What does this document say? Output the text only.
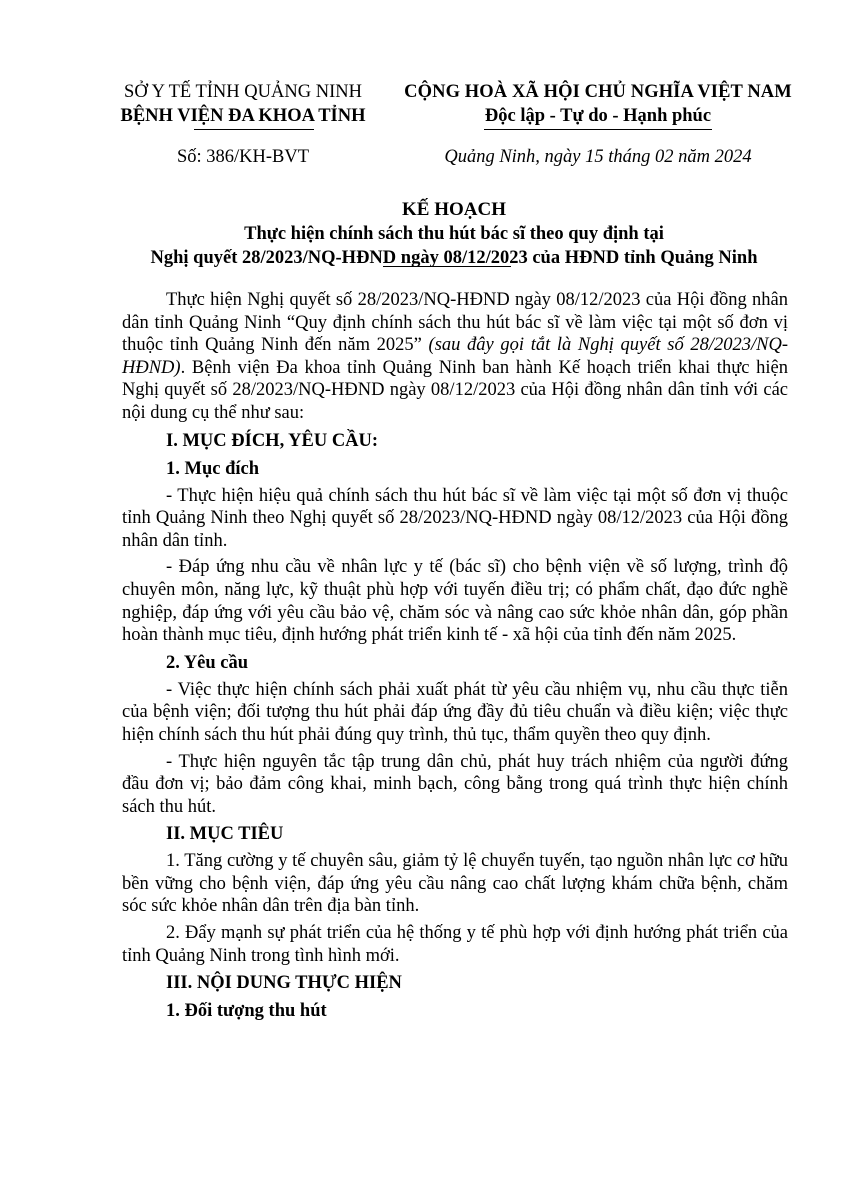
SỞ Y TẾ TỈNH QUẢNG NINH
BỆNH VIỆN ĐA KHOA TỈNH
CỘNG HOÀ XÃ HỘI CHỦ NGHĨA VIỆT NAM
Độc lập - Tự do - Hạnh phúc
Số: 386/KH-BVT	Quảng Ninh, ngày 15 tháng 02 năm 2024
KẾ HOẠCH
Thực hiện chính sách thu hút bác sĩ theo quy định tại
Nghị quyết 28/2023/NQ-HĐND ngày 08/12/2023 của HĐND tỉnh Quảng Ninh

Thực hiện Nghị quyết số 28/2023/NQ-HĐND ngày 08/12/2023 của Hội đồng nhân dân tỉnh Quảng Ninh “Quy định chính sách thu hút bác sĩ về làm việc tại một số đơn vị thuộc tỉnh Quảng Ninh đến năm 2025” (sau đây gọi tắt là Nghị quyết số 28/2023/NQ-HĐND). Bệnh viện Đa khoa tỉnh Quảng Ninh ban hành Kế hoạch triển khai thực hiện Nghị quyết số 28/2023/NQ-HĐND ngày 08/12/2023 của Hội đồng nhân dân tỉnh với các nội dung cụ thể như sau:

I. MỤC ĐÍCH, YÊU CẦU:
1. Mục đích

- Thực hiện hiệu quả chính sách thu hút bác sĩ về làm việc tại một số đơn vị thuộc tỉnh Quảng Ninh theo Nghị quyết số 28/2023/NQ-HĐND ngày 08/12/2023 của Hội đồng nhân dân tỉnh.

- Đáp ứng nhu cầu về nhân lực y tế (bác sĩ) cho bệnh viện về số lượng, trình độ chuyên môn, năng lực, kỹ thuật phù hợp với tuyến điều trị; có phẩm chất, đạo đức nghề nghiệp, đáp ứng với yêu cầu bảo vệ, chăm sóc và nâng cao sức khỏe nhân dân, góp phần hoàn thành mục tiêu, định hướng phát triển kinh tế - xã hội của tỉnh đến năm 2025.

2. Yêu cầu

- Việc thực hiện chính sách phải xuất phát từ yêu cầu nhiệm vụ, nhu cầu thực tiễn của bệnh viện; đối tượng thu hút phải đáp ứng đầy đủ tiêu chuẩn và điều kiện; việc thực hiện chính sách thu hút phải đúng quy trình, thủ tục, thẩm quyền theo quy định.

- Thực hiện nguyên tắc tập trung dân chủ, phát huy trách nhiệm của người đứng đầu đơn vị; bảo đảm công khai, minh bạch, công bằng trong quá trình thực hiện chính sách thu hút.

II. MỤC TIÊU

1. Tăng cường y tế chuyên sâu, giảm tỷ lệ chuyển tuyến, tạo nguồn nhân lực cơ hữu bền vững cho bệnh viện, đáp ứng yêu cầu nâng cao chất lượng khám chữa bệnh, chăm sóc sức khỏe nhân dân trên địa bàn tỉnh.

2. Đẩy mạnh sự phát triển của hệ thống y tế phù hợp với định hướng phát triển của tỉnh Quảng Ninh trong tình hình mới.

III. NỘI DUNG THỰC HIỆN
1. Đối tượng thu hút
